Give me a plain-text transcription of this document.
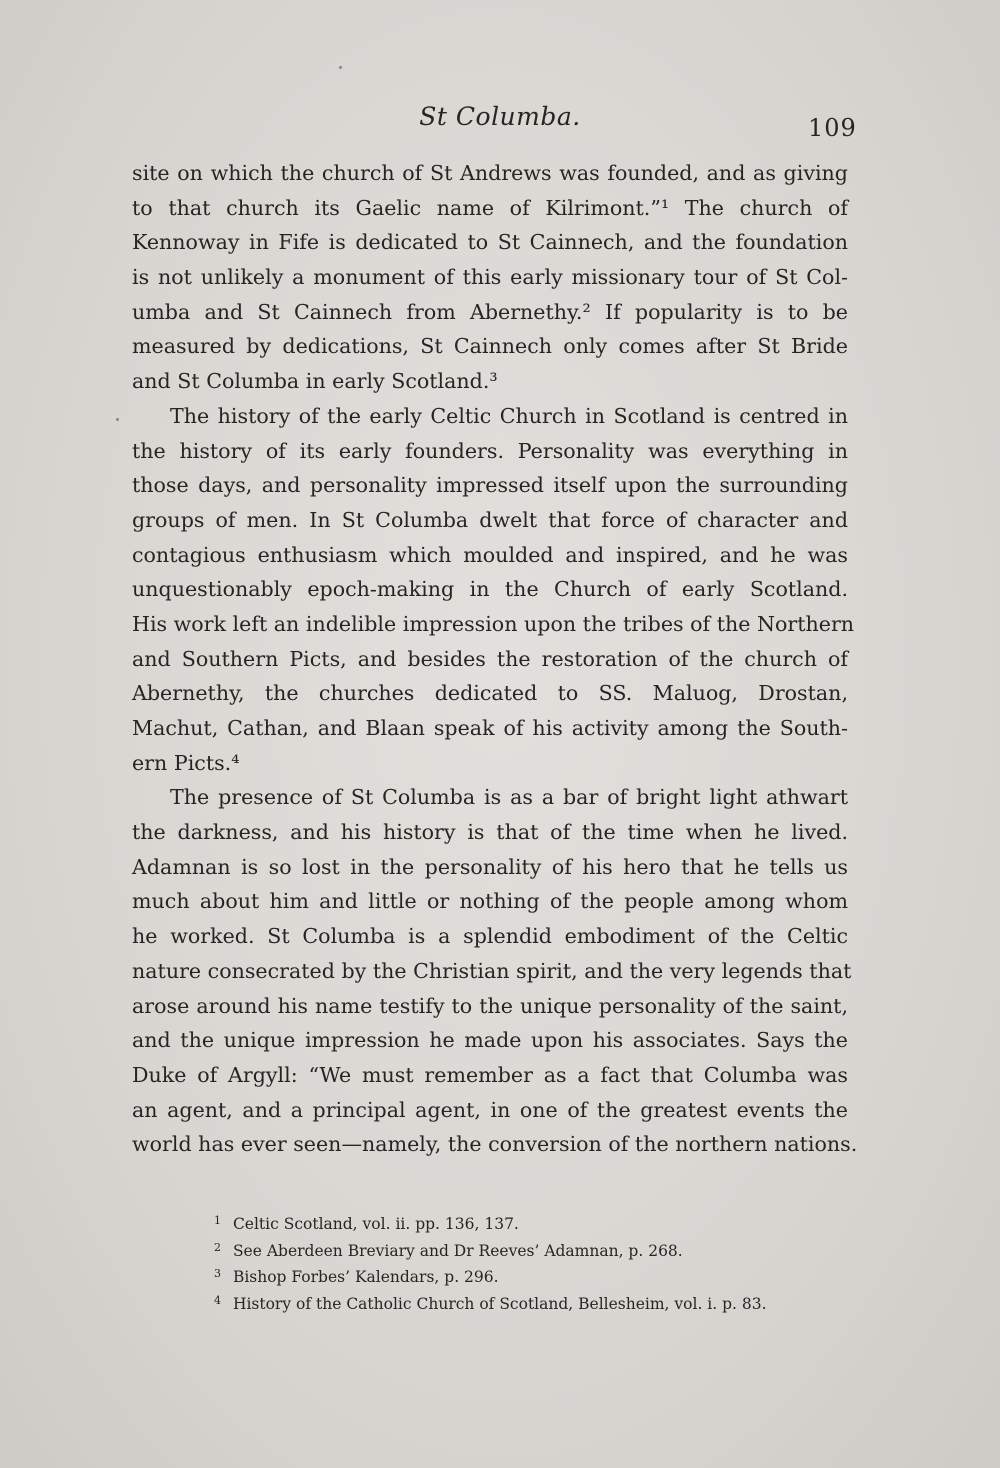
St Columba.	109
site on which the church of St Andrews was founded, and as giving
to that church its Gaelic name of Kilrimont.”¹ The church of
Kennoway in Fife is dedicated to St Cainnech, and the foundation
is not unlikely a monument of this early missionary tour of St Col-
umba and St Cainnech from Abernethy.² If popularity is to be
measured by dedications, St Cainnech only comes after St Bride
and St Columba in early Scotland.³
The history of the early Celtic Church in Scotland is centred in
the history of its early founders. Personality was everything in
those days, and personality impressed itself upon the surrounding
groups of men. In St Columba dwelt that force of character and
contagious enthusiasm which moulded and inspired, and he was
unquestionably epoch-making in the Church of early Scotland.
His work left an indelible impression upon the tribes of the Northern
and Southern Picts, and besides the restoration of the church of
Abernethy, the churches dedicated to SS. Maluog, Drostan,
Machut, Cathan, and Blaan speak of his activity among the South-
ern Picts.⁴
The presence of St Columba is as a bar of bright light athwart
the darkness, and his history is that of the time when he lived.
Adamnan is so lost in the personality of his hero that he tells us
much about him and little or nothing of the people among whom
he worked. St Columba is a splendid embodiment of the Celtic
nature consecrated by the Christian spirit, and the very legends that
arose around his name testify to the unique personality of the saint,
and the unique impression he made upon his associates. Says the
Duke of Argyll: “We must remember as a fact that Columba was
an agent, and a principal agent, in one of the greatest events the
world has ever seen—namely, the conversion of the northern nations.
1 Celtic Scotland, vol. ii. pp. 136, 137.
2 See Aberdeen Breviary and Dr Reeves’ Adamnan, p. 268.
3 Bishop Forbes’ Kalendars, p. 296.
4 History of the Catholic Church of Scotland, Bellesheim, vol. i. p. 83.
